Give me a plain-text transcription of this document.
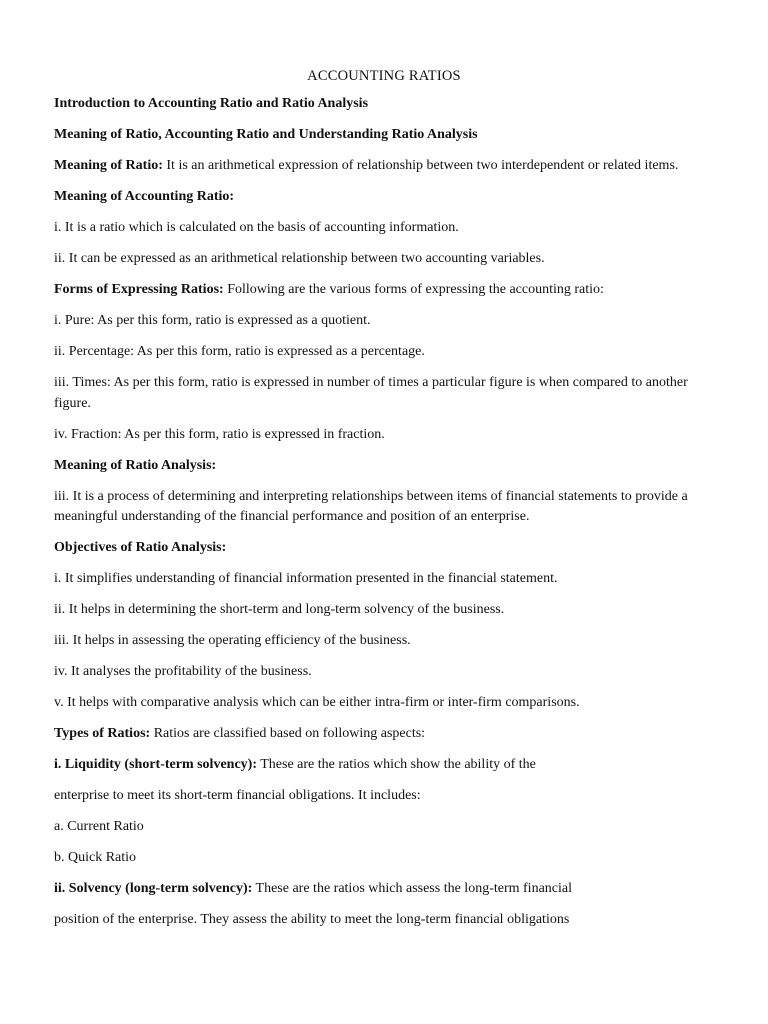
ACCOUNTING RATIOS
Introduction to Accounting Ratio and Ratio Analysis
Meaning of Ratio, Accounting Ratio and Understanding Ratio Analysis
Meaning of Ratio: It is an arithmetical expression of relationship between two interdependent or related items.
Meaning of Accounting Ratio:
i. It is a ratio which is calculated on the basis of accounting information.
ii. It can be expressed as an arithmetical relationship between two accounting variables.
Forms of Expressing Ratios: Following are the various forms of expressing the accounting ratio:
i. Pure: As per this form, ratio is expressed as a quotient.
ii. Percentage: As per this form, ratio is expressed as a percentage.
iii. Times: As per this form, ratio is expressed in number of times a particular figure is when compared to another figure.
iv. Fraction: As per this form, ratio is expressed in fraction.
Meaning of Ratio Analysis:
iii. It is a process of determining and interpreting relationships between items of financial statements to provide a meaningful understanding of the financial performance and position of an enterprise.
Objectives of Ratio Analysis:
i. It simplifies understanding of financial information presented in the financial statement.
ii. It helps in determining the short-term and long-term solvency of the business.
iii. It helps in assessing the operating efficiency of the business.
iv. It analyses the profitability of the business.
v. It helps with comparative analysis which can be either intra-firm or inter-firm comparisons.
Types of Ratios: Ratios are classified based on following aspects:
i. Liquidity (short-term solvency): These are the ratios which show the ability of the
enterprise to meet its short-term financial obligations. It includes:
a. Current Ratio
b. Quick Ratio
ii. Solvency (long-term solvency): These are the ratios which assess the long-term financial
position of the enterprise. They assess the ability to meet the long-term financial obligations
